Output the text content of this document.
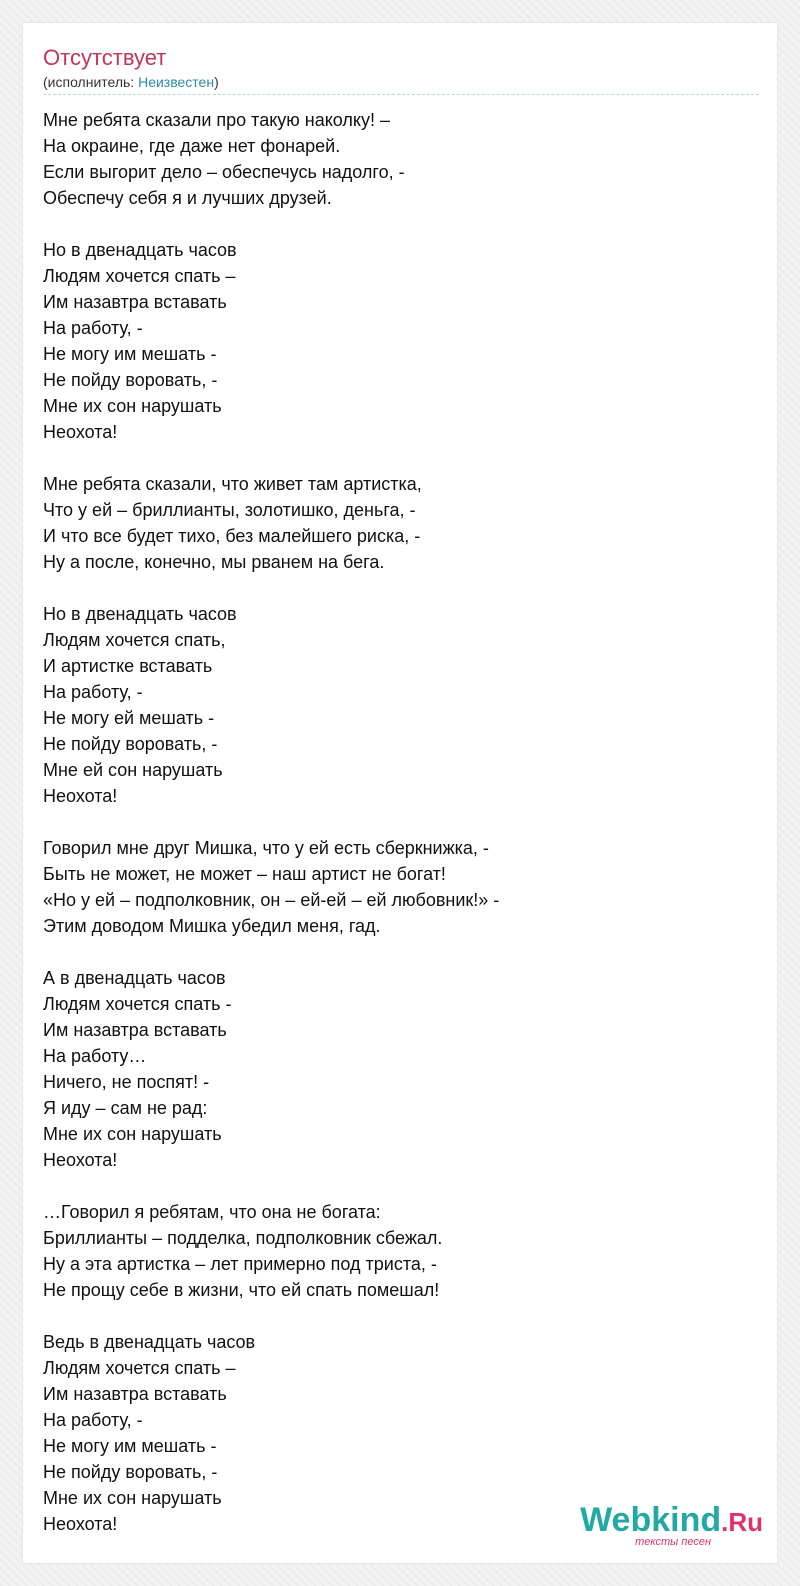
Отсутствует
(исполнитель: Неизвестен)
Мне ребята сказали про такую наколку! –
На окраине, где даже нет фонарей.
Если выгорит дело – обеспечусь надолго, -
Обеспечу себя я и лучших друзей.
Но в двенадцать часов
Людям хочется спать –
Им назавтра вставать
На работу, -
Не могу им мешать -
Не пойду воровать, -
Мне их сон нарушать
Неохота!
Мне ребята сказали, что живет там артистка,
Что у ей – бриллианты, золотишко, деньга, -
И что все будет тихо, без малейшего риска, -
Ну а после, конечно, мы рванем на бега.
Но в двенадцать часов
Людям хочется спать,
И артистке вставать
На работу, -
Не могу ей мешать -
Не пойду воровать, -
Мне ей сон нарушать
Неохота!
Говорил мне друг Мишка, что у ей есть сберкнижка, -
Быть не может, не может – наш артист не богат!
«Но у ей – подполковник, он – ей-ей – ей любовник!» -
Этим доводом Мишка убедил меня, гад.
А в двенадцать часов
Людям хочется спать -
Им назавтра вставать
На работу…
Ничего, не поспят! -
Я иду – сам не рад:
Мне их сон нарушать
Неохота!
…Говорил я ребятам, что она не богата:
Бриллианты – подделка, подполковник сбежал.
Ну а эта артистка – лет примерно под триста, -
Не прощу себе в жизни, что ей спать помешал!
Ведь в двенадцать часов
Людям хочется спать –
Им назавтра вставать
На работу, -
Не могу им мешать -
Не пойду воровать, -
Мне их сон нарушать
Неохота!	Webkind.Ru
тексты песен
